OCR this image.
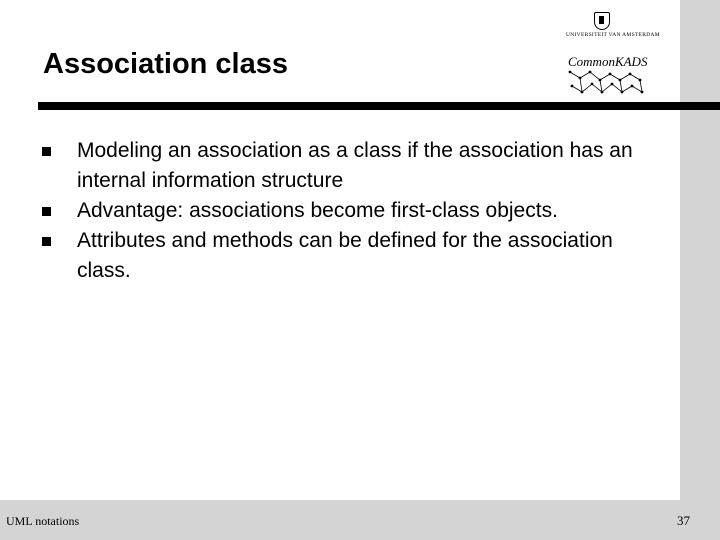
Association class
UNIVERSITEIT VAN AMSTERDAM
CommonKADS
Modeling an association as a class if the association has an internal information structure
Advantage: associations become first-class objects.
Attributes and methods can be defined for the association class.
UML notations	37
